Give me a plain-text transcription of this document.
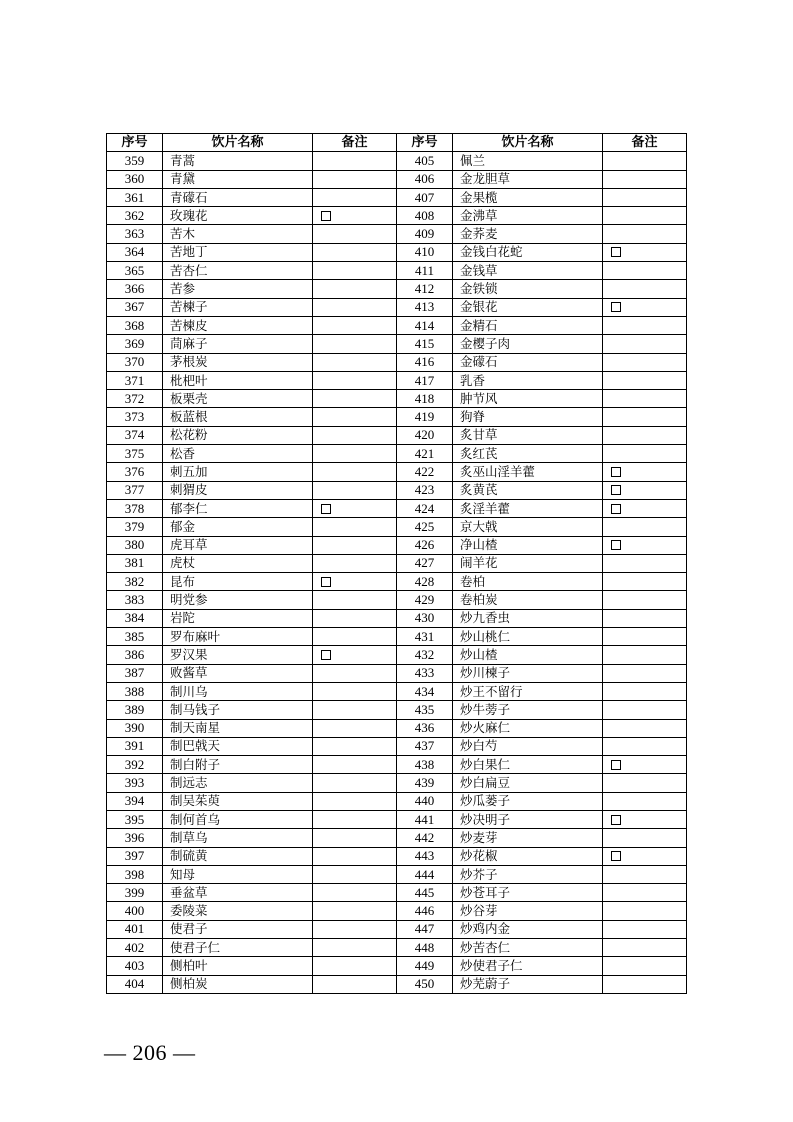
序号	饮片名称	备注	序号	饮片名称	备注
359	青蒿		405	佩兰	
360	青黛		406	金龙胆草	
361	青礞石		407	金果榄	
362	玫瑰花		408	金沸草	
363	苦木		409	金荞麦	
364	苦地丁		410	金钱白花蛇	
365	苦杏仁		411	金钱草	
366	苦参		412	金铁锁	
367	苦楝子		413	金银花	
368	苦楝皮		414	金精石	
369	茼麻子		415	金樱子肉	
370	茅根炭		416	金礞石	
371	枇杷叶		417	乳香	
372	板栗壳		418	肿节风	
373	板蓝根		419	狗脊	
374	松花粉		420	炙甘草	
375	松香		421	炙红芪	
376	刺五加		422	炙巫山淫羊藿	
377	刺猬皮		423	炙黄芪	
378	郁李仁		424	炙淫羊藿	
379	郁金		425	京大戟	
380	虎耳草		426	净山楂	
381	虎杖		427	闹羊花	
382	昆布		428	卷柏	
383	明党参		429	卷柏炭	
384	岩陀		430	炒九香虫	
385	罗布麻叶		431	炒山桃仁	
386	罗汉果		432	炒山楂	
387	败酱草		433	炒川楝子	
388	制川乌		434	炒王不留行	
389	制马钱子		435	炒牛蒡子	
390	制天南星		436	炒火麻仁	
391	制巴戟天		437	炒白芍	
392	制白附子		438	炒白果仁	
393	制远志		439	炒白扁豆	
394	制吴茱萸		440	炒瓜蒌子	
395	制何首乌		441	炒决明子	
396	制草乌		442	炒麦芽	
397	制硫黄		443	炒花椒	
398	知母		444	炒芥子	
399	垂盆草		445	炒苍耳子	
400	委陵菜		446	炒谷芽	
401	使君子		447	炒鸡内金	
402	使君子仁		448	炒苦杏仁	
403	侧柏叶		449	炒使君子仁	
404	侧柏炭		450	炒芜蔚子	
— 206 —
